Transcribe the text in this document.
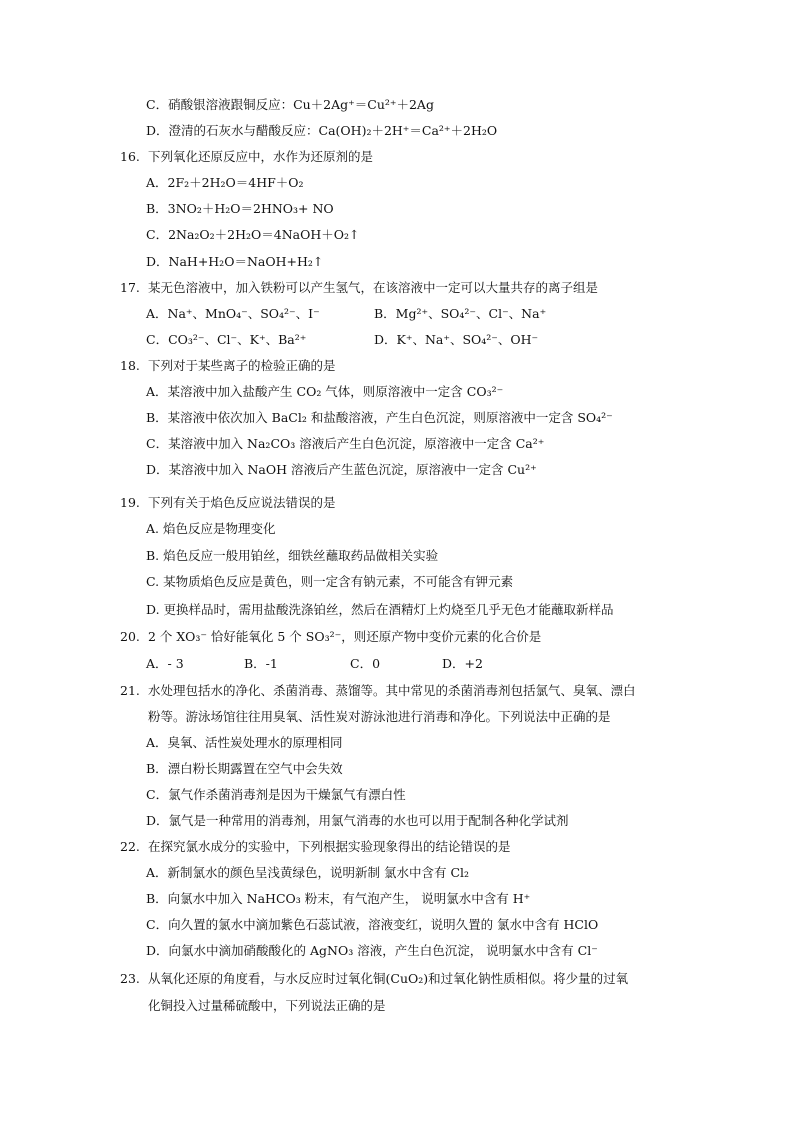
C．硝酸银溶液跟铜反应：Cu＋2Ag⁺＝Cu²⁺＋2Ag
D．澄清的石灰水与醋酸反应：Ca(OH)₂＋2H⁺＝Ca²⁺＋2H₂O
16. 下列氧化还原反应中，水作为还原剂的是
A．2F₂＋2H₂O＝4HF＋O₂
B．3NO₂＋H₂O＝2HNO₃+ NO
C．2Na₂O₂＋2H₂O＝4NaOH＋O₂↑
D．NaH+H₂O＝NaOH+H₂↑
17. 某无色溶液中，加入铁粉可以产生氢气，在该溶液中一定可以大量共存的离子组是
A．Na⁺、MnO₄⁻、SO₄²⁻、I⁻	B．Mg²⁺、SO₄²⁻、Cl⁻、Na⁺
C．CO₃²⁻、Cl⁻、K⁺、Ba²⁺	D．K⁺、Na⁺、SO₄²⁻、OH⁻
18. 下列对于某些离子的检验正确的是
A．某溶液中加入盐酸产生 CO₂ 气体，则原溶液中一定含 CO₃²⁻
B．某溶液中依次加入 BaCl₂ 和盐酸溶液，产生白色沉淀，则原溶液中一定含 SO₄²⁻
C．某溶液中加入 Na₂CO₃ 溶液后产生白色沉淀，原溶液中一定含 Ca²⁺
D．某溶液中加入 NaOH 溶液后产生蓝色沉淀，原溶液中一定含 Cu²⁺
19. 下列有关于焰色反应说法错误的是
A. 焰色反应是物理变化
B. 焰色反应一般用铂丝，细铁丝蘸取药品做相关实验
C. 某物质焰色反应是黄色，则一定含有钠元素，不可能含有钾元素
D. 更换样品时，需用盐酸洗涤铂丝，然后在酒精灯上灼烧至几乎无色才能蘸取新样品
20. 2 个 XO₃⁻ 恰好能氧化 5 个 SO₃²⁻，则还原产物中变价元素的化合价是
A．- 3	B．-1	C．0	D．+2
21. 水处理包括水的净化、杀菌消毒、蒸馏等。其中常见的杀菌消毒剂包括氯气、臭氧、漂白
粉等。游泳场馆往往用臭氧、活性炭对游泳池进行消毒和净化。下列说法中正确的是
A．臭氧、活性炭处理水的原理相同
B．漂白粉长期露置在空气中会失效
C．氯气作杀菌消毒剂是因为干燥氯气有漂白性
D．氯气是一种常用的消毒剂，用氯气消毒的水也可以用于配制各种化学试剂
22. 在探究氯水成分的实验中，下列根据实验现象得出的结论错误的是
A．新制氯水的颜色呈浅黄绿色，说明新制 氯水中含有 Cl₂
B．向氯水中加入 NaHCO₃ 粉末，有气泡产生， 说明氯水中含有 H⁺
C．向久置的氯水中滴加紫色石蕊试液，溶液变红，说明久置的 氯水中含有 HClO
D．向氯水中滴加硝酸酸化的 AgNO₃ 溶液，产生白色沉淀， 说明氯水中含有 Cl⁻
23. 从氧化还原的角度看，与水反应时过氧化铜(CuO₂)和过氧化钠性质相似。将少量的过氧
化铜投入过量稀硫酸中，下列说法正确的是
